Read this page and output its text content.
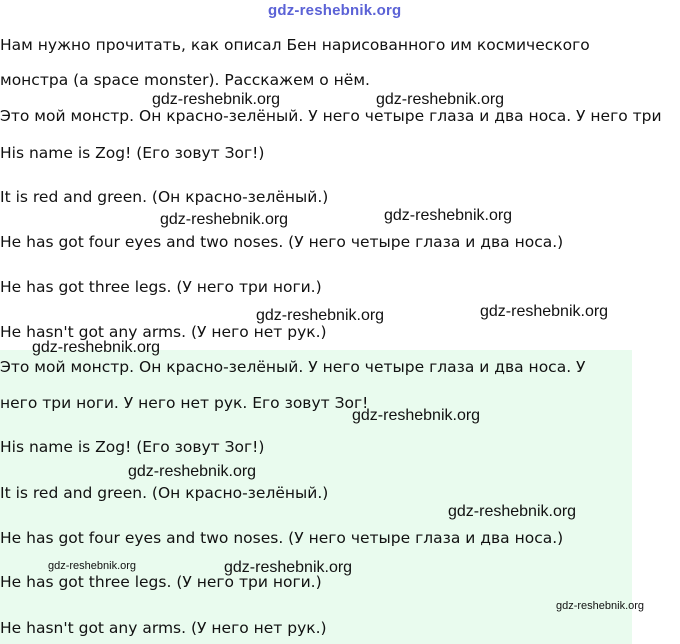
gdz-reshebnik.org
Нам нужно прочитать, как описал Бен нарисованного им космического
монстра (a space monster). Расскажем о нём.
Это мой монстр. Он красно-зелёный. У него четыре глаза и два носа. У него три
His name is Zog! (Его зовут Зог!)
It is red and green. (Он красно-зелёный.)
He has got four eyes and two noses. (У него четыре глаза и два носа.)
He has got three legs. (У него три ноги.)
He hasn't got any arms. (У него нет рук.)
Это мой монстр. Он красно-зелёный. У него четыре глаза и два носа. У
него три ноги. У него нет рук. Его зовут Зог!
His name is Zog! (Его зовут Зог!)
It is red and green. (Он красно-зелёный.)
He has got four eyes and two noses. (У него четыре глаза и два носа.)
He has got three legs. (У него три ноги.)
He hasn't got any arms. (У него нет рук.)
gdz-reshebnik.org	gdz-reshebnik.org
gdz-reshebnik.org	gdz-reshebnik.org
gdz-reshebnik.org	gdz-reshebnik.org
gdz-reshebnik.org
gdz-reshebnik.org
gdz-reshebnik.org
gdz-reshebnik.org
gdz-reshebnik.org	gdz-reshebnik.org
gdz-reshebnik.org
